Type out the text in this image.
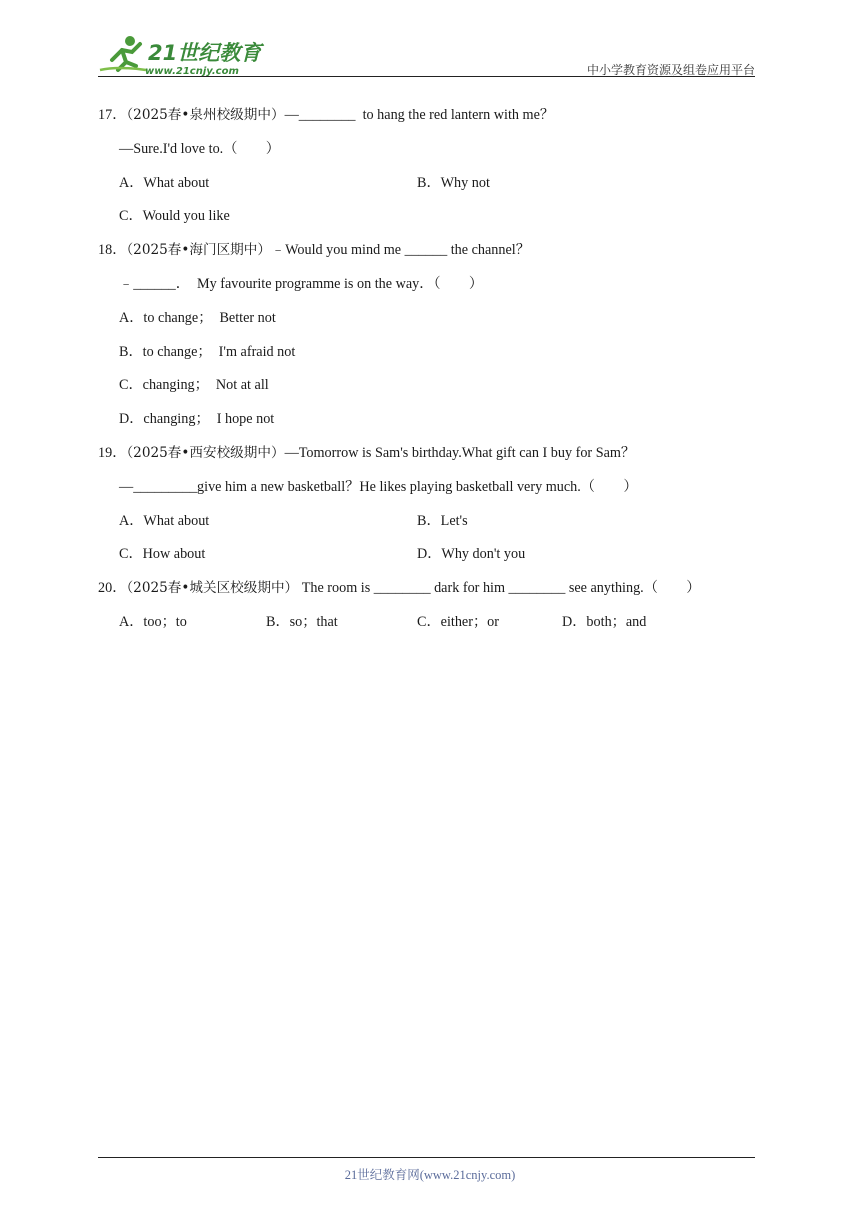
21世纪教育
www.21cnjy.com	中小学教育资源及组卷应用平台
17．（2025春•泉州校级期中）—________  to hang the red lantern with me？
—Sure.I'd love to.（　　）
A．What about	B．Why not
C．Would you like
18．（2025春•海门区期中）﹣Would you mind me ______ the channel？
﹣______．  My favourite programme is on the way．（　　）
A．to change；  Better not
B．to change；  I'm afraid not
C．changing；  Not at all
D．changing；  I hope not
19．（2025春•西安校级期中）—Tomorrow is Sam's birthday.What gift can I buy for Sam？
—_________give him a new basketball？He likes playing basketball very much.（　　）
A．What about	B．Let's
C．How about	D．Why don't you
20．（2025春•城关区校级期中） The room is ________ dark for him ________ see anything.（　　）
A．too；to	B．so；that	C．either；or	D．both；and
21世纪教育网(www.21cnjy.com)
